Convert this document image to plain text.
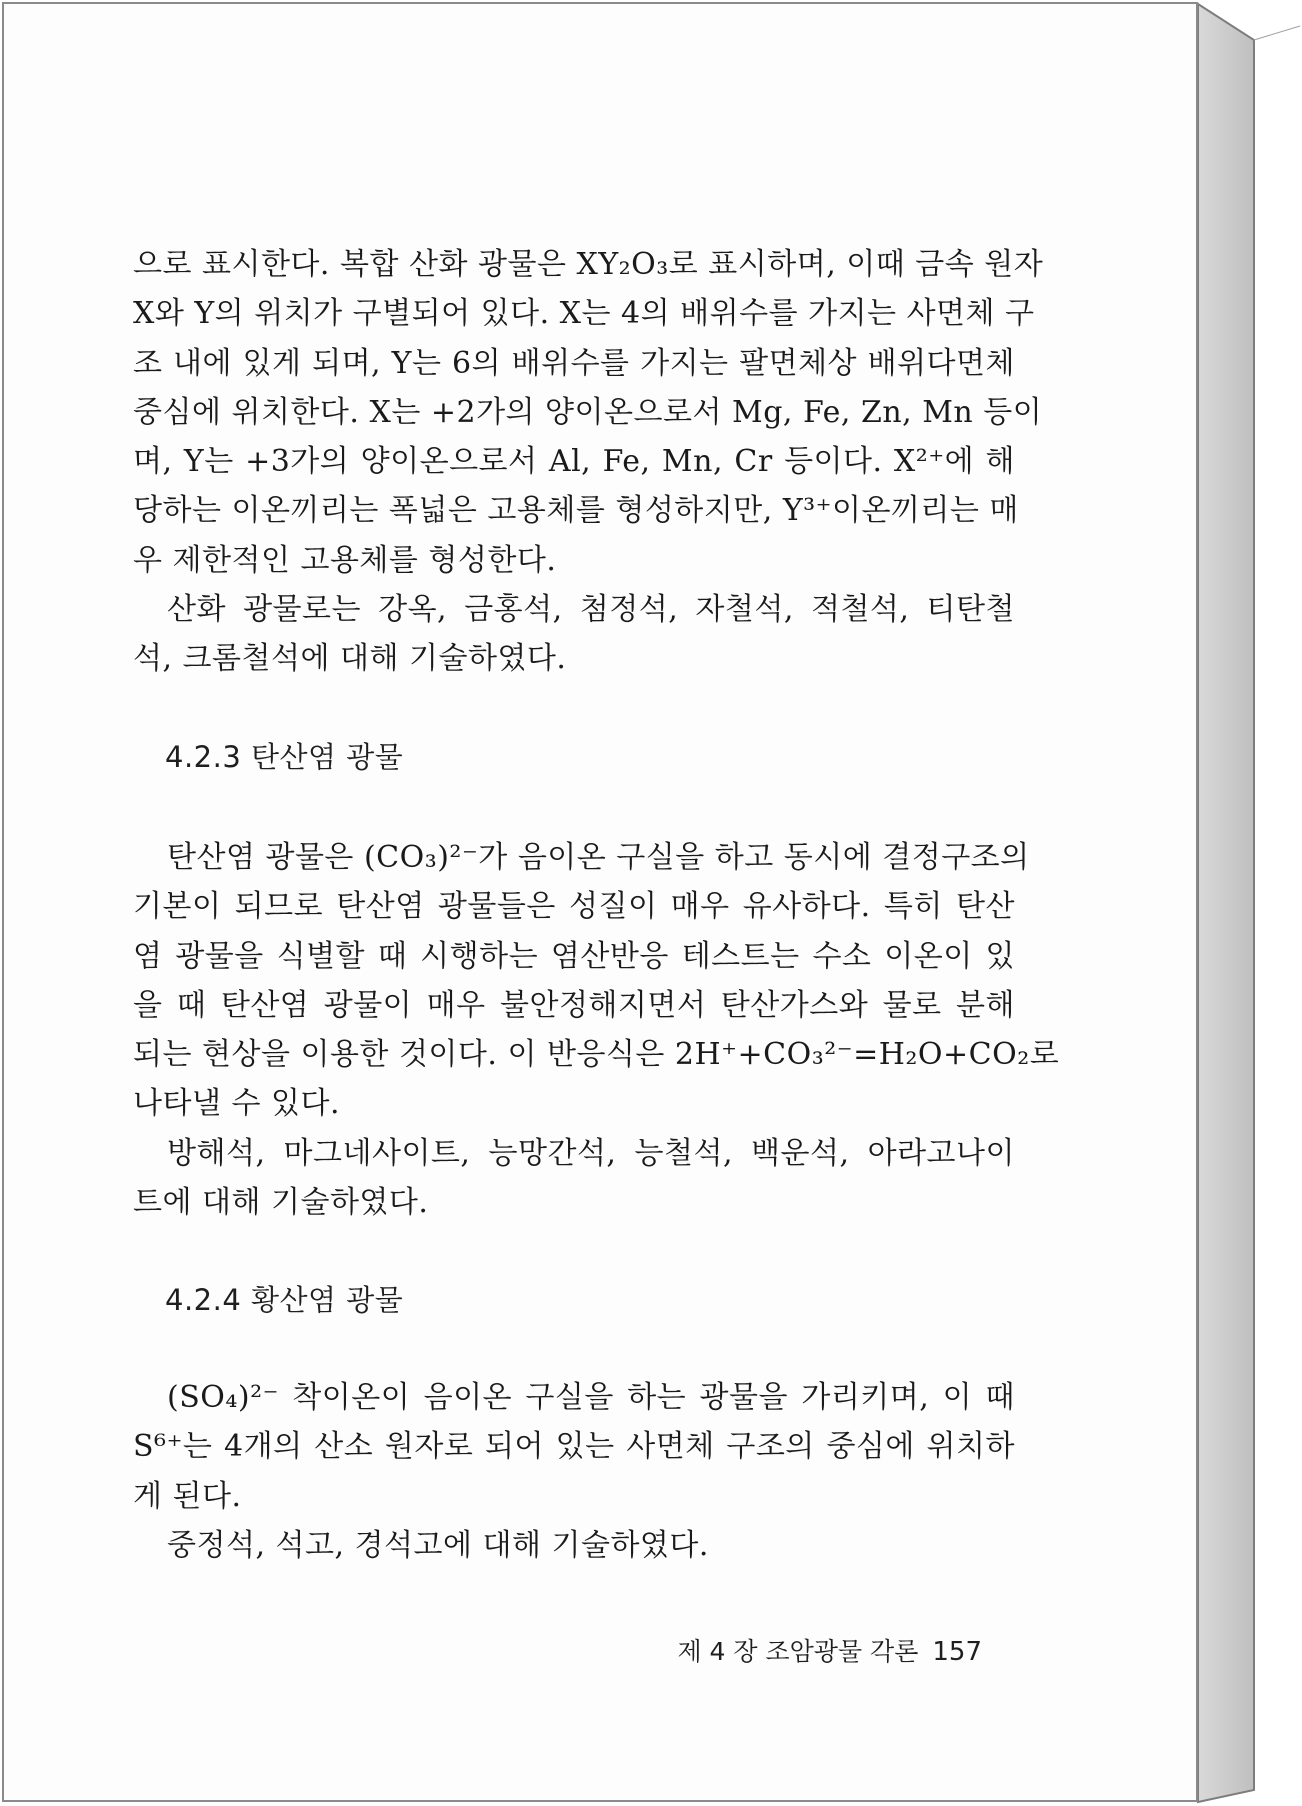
으로 표시한다. 복합 산화 광물은 XY₂O₃로 표시하며, 이때 금속 원자
X와 Y의 위치가 구별되어 있다. X는 4의 배위수를 가지는 사면체 구
조 내에 있게 되며, Y는 6의 배위수를 가지는 팔면체상 배위다면체
중심에 위치한다. X는 +2가의 양이온으로서 Mg, Fe, Zn, Mn 등이
며, Y는 +3가의 양이온으로서 Al, Fe, Mn, Cr 등이다. X²⁺에 해
당하는 이온끼리는 폭넓은 고용체를 형성하지만, Y³⁺이온끼리는 매
우 제한적인 고용체를 형성한다.
산화 광물로는 강옥, 금홍석, 첨정석, 자철석, 적철석, 티탄철
석, 크롬철석에 대해 기술하였다.
4.2.3 탄산염 광물
탄산염 광물은 (CO₃)²⁻가 음이온 구실을 하고 동시에 결정구조의
기본이 되므로 탄산염 광물들은 성질이 매우 유사하다. 특히 탄산
염 광물을 식별할 때 시행하는 염산반응 테스트는 수소 이온이 있
을 때 탄산염 광물이 매우 불안정해지면서 탄산가스와 물로 분해
되는 현상을 이용한 것이다. 이 반응식은 2H⁺+CO₃²⁻=H₂O+CO₂로
나타낼 수 있다.
방해석, 마그네사이트, 능망간석, 능철석, 백운석, 아라고나이
트에 대해 기술하였다.
4.2.4 황산염 광물
(SO₄)²⁻ 착이온이 음이온 구실을 하는 광물을 가리키며, 이 때
S⁶⁺는 4개의 산소 원자로 되어 있는 사면체 구조의 중심에 위치하
게 된다.
중정석, 석고, 경석고에 대해 기술하였다.
제 4 장 조암광물 각론 157
